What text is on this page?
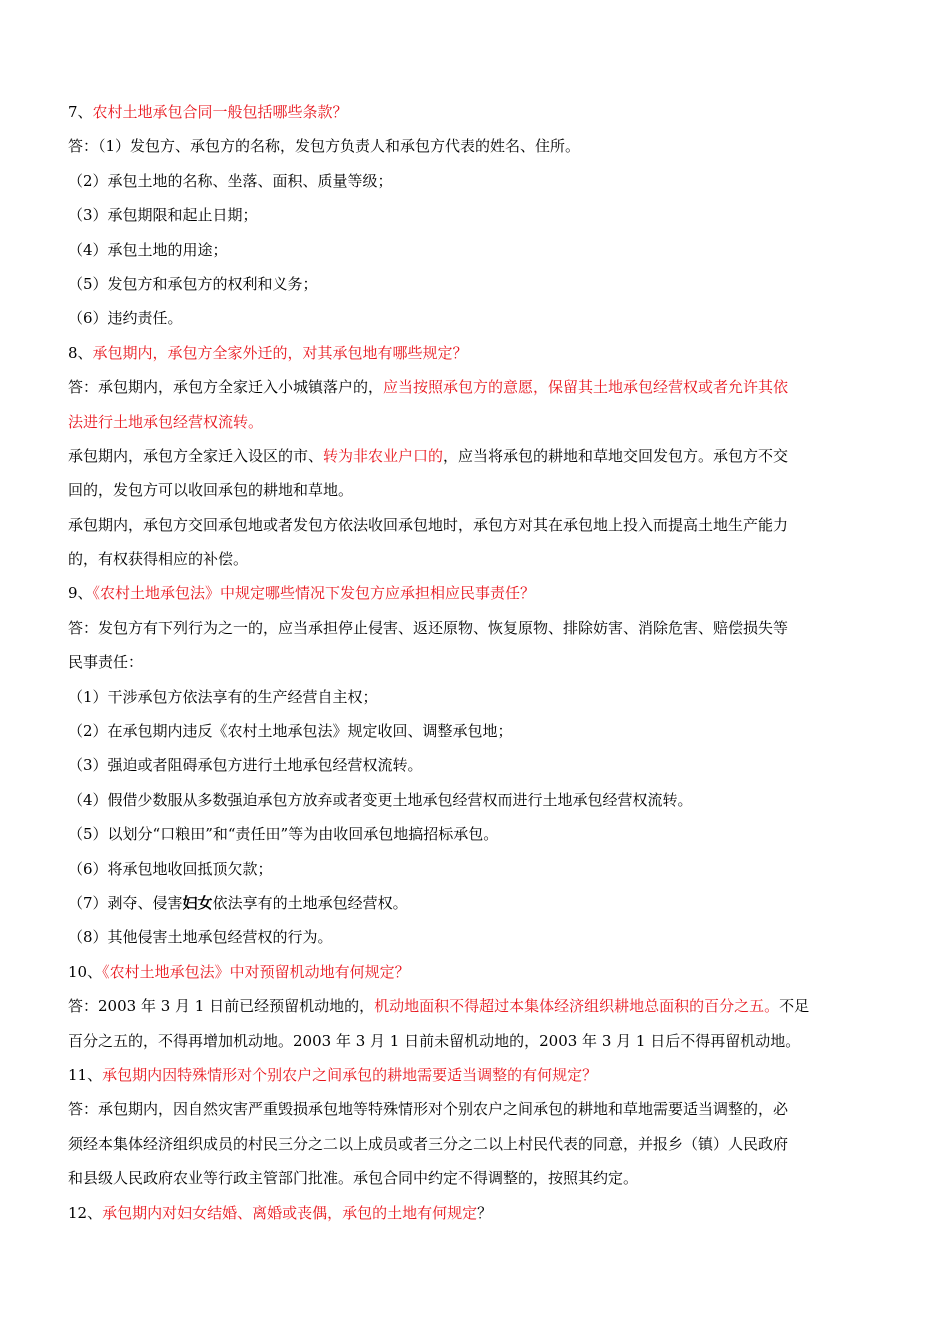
7、农村土地承包合同一般包括哪些条款？
答：（1）发包方、承包方的名称，发包方负责人和承包方代表的姓名、住所。
（2）承包土地的名称、坐落、面积、质量等级；
（3）承包期限和起止日期；
（4）承包土地的用途；
（5）发包方和承包方的权利和义务；
（6）违约责任。
8、承包期内，承包方全家外迁的，对其承包地有哪些规定？
答：承包期内，承包方全家迁入小城镇落户的，应当按照承包方的意愿，保留其土地承包经营权或者允许其依
法进行土地承包经营权流转。
承包期内，承包方全家迁入设区的市、转为非农业户口的，应当将承包的耕地和草地交回发包方。承包方不交
回的，发包方可以收回承包的耕地和草地。
承包期内，承包方交回承包地或者发包方依法收回承包地时，承包方对其在承包地上投入而提高土地生产能力
的，有权获得相应的补偿。
9、《农村土地承包法》中规定哪些情况下发包方应承担相应民事责任？
答：发包方有下列行为之一的，应当承担停止侵害、返还原物、恢复原物、排除妨害、消除危害、赔偿损失等
民事责任：
（1）干涉承包方依法享有的生产经营自主权；
（2）在承包期内违反《农村土地承包法》规定收回、调整承包地；
（3）强迫或者阻碍承包方进行土地承包经营权流转。
（4）假借少数服从多数强迫承包方放弃或者变更土地承包经营权而进行土地承包经营权流转。
（5）以划分“口粮田”和“责任田”等为由收回承包地搞招标承包。
（6）将承包地收回抵顶欠款；
（7）剥夺、侵害妇女依法享有的土地承包经营权。
（8）其他侵害土地承包经营权的行为。
10、《农村土地承包法》中对预留机动地有何规定？
答：2003 年 3 月 1 日前已经预留机动地的，机动地面积不得超过本集体经济组织耕地总面积的百分之五。不足
百分之五的，不得再增加机动地。2003 年 3 月 1 日前未留机动地的，2003 年 3 月 1 日后不得再留机动地。
11、承包期内因特殊情形对个别农户之间承包的耕地需要适当调整的有何规定？
答：承包期内，因自然灾害严重毁损承包地等特殊情形对个别农户之间承包的耕地和草地需要适当调整的，必
须经本集体经济组织成员的村民三分之二以上成员或者三分之二以上村民代表的同意，并报乡（镇）人民政府
和县级人民政府农业等行政主管部门批准。承包合同中约定不得调整的，按照其约定。
12、承包期内对妇女结婚、离婚或丧偶，承包的土地有何规定？
